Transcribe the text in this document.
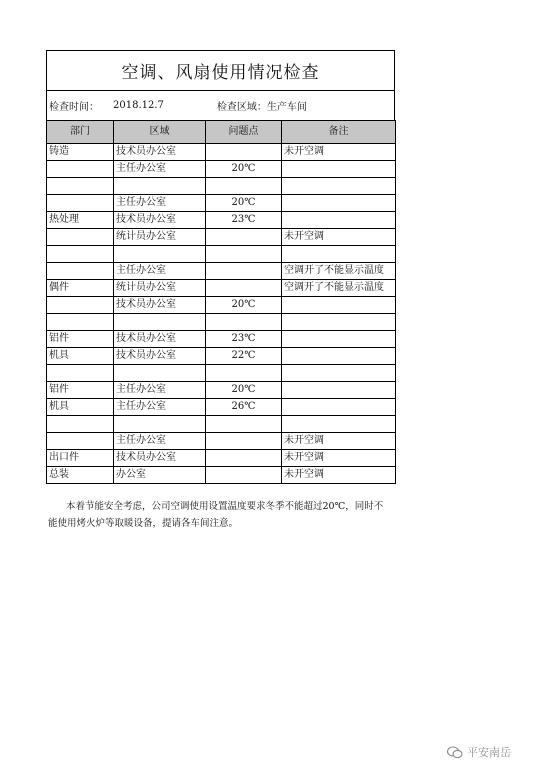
空调、风扇使用情况检查
检查时间： 2018.12.7	检查区域： 生产车间
部门	区域	问题点	备注
铸造	技术员办公室		未开空调
	主任办公室	20℃	

	主任办公室	20℃	
热处理	技术员办公室	23℃	
	统计员办公室		未开空调

	主任办公室		空调开了不能显示温度
偶件	统计员办公室		空调开了不能显示温度
	技术员办公室	20℃	

铝件	技术员办公室	23℃	
机具	技术员办公室	22℃	

铝件	主任办公室	20℃	
机具	主任办公室	26℃	

	主任办公室		未开空调
出口件	技术员办公室		未开空调
总装	办公室		未开空调
本着节能安全考虑，公司空调使用设置温度要求冬季不能超过20℃，同时不能使用烤火炉等取暖设备，提请各车间注意。
平安南岳
